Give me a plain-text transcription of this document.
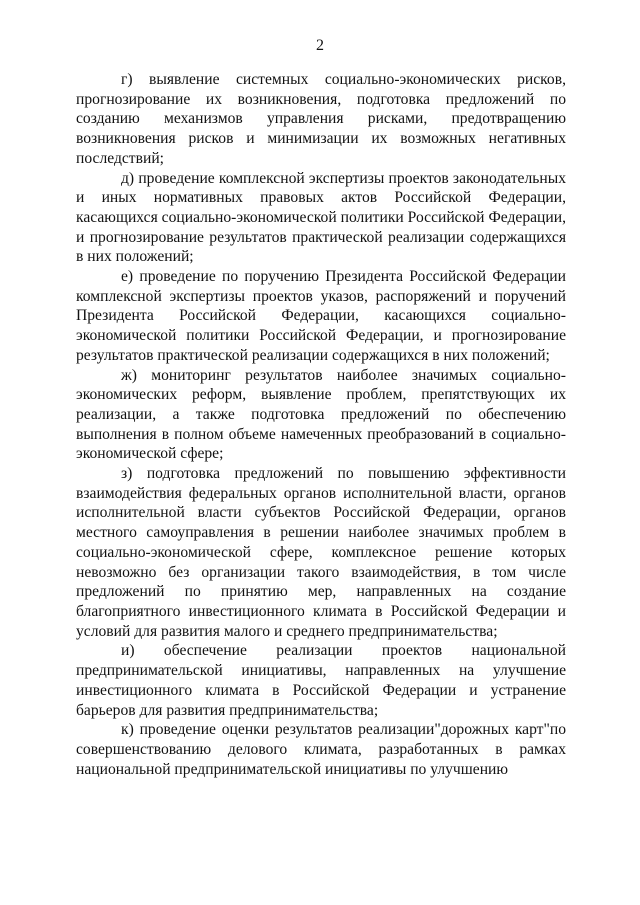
2

г) выявление системных социально-экономических рисков, прогнозирование их возникновения, подготовка предложений по созданию механизмов управления рисками, предотвращению возникновения рисков и минимизации их возможных негативных последствий;

д) проведение комплексной экспертизы проектов законодательных и иных нормативных правовых актов Российской Федерации, касающихся социально-экономической политики Российской Федерации, и прогнозирование результатов практической реализации содержащихся в них положений;

е) проведение по поручению Президента Российской Федерации комплексной экспертизы проектов указов, распоряжений и поручений Президента Российской Федерации, касающихся социально-экономической политики Российской Федерации, и прогнозирование результатов практической реализации содержащихся в них положений;

ж) мониторинг результатов наиболее значимых социально-экономических реформ, выявление проблем, препятствующих их реализации, а также подготовка предложений по обеспечению выполнения в полном объеме намеченных преобразований в социально-экономической сфере;

з) подготовка предложений по повышению эффективности взаимодействия федеральных органов исполнительной власти, органов исполнительной власти субъектов Российской Федерации, органов местного самоуправления в решении наиболее значимых проблем в социально-экономической сфере, комплексное решение которых невозможно без организации такого взаимодействия, в том числе предложений по принятию мер, направленных на создание благоприятного инвестиционного климата в Российской Федерации и условий для развития малого и среднего предпринимательства;

и) обеспечение реализации проектов национальной предпринимательской инициативы, направленных на улучшение инвестиционного климата в Российской Федерации и устранение барьеров для развития предпринимательства;

к) проведение оценки результатов реализации"дорожных карт"по совершенствованию делового климата, разработанных в рамках национальной предпринимательской инициативы по улучшению
